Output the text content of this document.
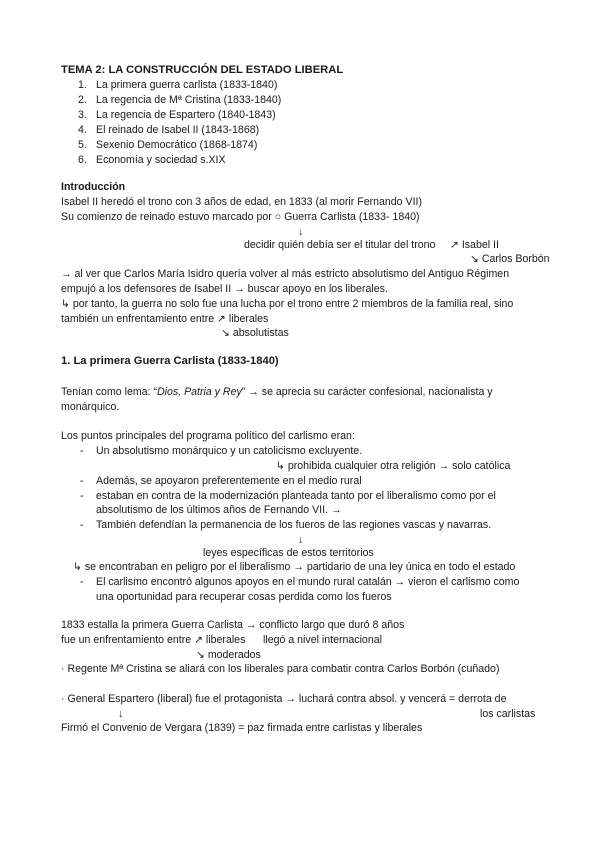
TEMA 2: LA CONSTRUCCIÓN DEL ESTADO LIBERAL
1. La primera guerra carlista (1833-1840)
2. La regencia de Mª Cristina (1833-1840)
3. La regencia de Espartero (1840-1843)
4. El reinado de Isabel II (1843-1868)
5. Sexenio Democrático (1868-1874)
6. Economía y sociedad s.XIX
Introducción
Isabel II heredó el trono con 3 años de edad, en 1833 (al morir Fernando VII)
Su comienzo de reinado estuvo marcado por ○ Guerra Carlista (1833- 1840)
↓
decidir quién debía ser el titular del trono ↗ Isabel II
↘ Carlos Borbón
→ al ver que Carlos María Isidro quería volver al más estricto absolutismo del Antiguo Régimen
empujó a los defensores de Isabel II → buscar apoyo en los liberales.
↳ por tanto, la guerra no solo fue una lucha por el trono entre 2 miembros de la familia real, sino
también un enfrentamiento entre ↗ liberales
↘ absolutistas
1. La primera Guerra Carlista (1833-1840)
Tenían como lema: “Dios, Patria y Rey” → se aprecia su carácter confesional, nacionalista y
monárquico.
Los puntos principales del programa político del carlismo eran:
- Un absolutismo monárquico y un catolicismo excluyente.
↳ prohibida cualquier otra religión → solo católica
- Además, se apoyaron preferentemente en el medio rural
- estaban en contra de la modernización planteada tanto por el liberalismo como por el
absolutismo de los últimos años de Fernando VII. →
- También defendían la permanencia de los fueros de las regiones vascas y navarras.
↓
leyes específicas de estos territorios
↳ se encontraban en peligro por el liberalismo → partidario de una ley única en todo el estado
- El carlismo encontró algunos apoyos en el mundo rural catalán → vieron el carlismo como
una oportunidad para recuperar cosas perdida como los fueros
1833 estalla la primera Guerra Carlista → conflicto largo que duró 8 años
fue un enfrentamiento entre ↗ liberales llegó a nivel internacional
↘ moderados
· Regente Mª Cristina se aliará con los liberales para combatir contra Carlos Borbón (cuñado)
· General Espartero (liberal) fue el protagonista → luchará contra absol. y vencerá = derrota de
↓	los carlistas
Firmó el Convenio de Vergara (1839) = paz firmada entre carlistas y liberales
